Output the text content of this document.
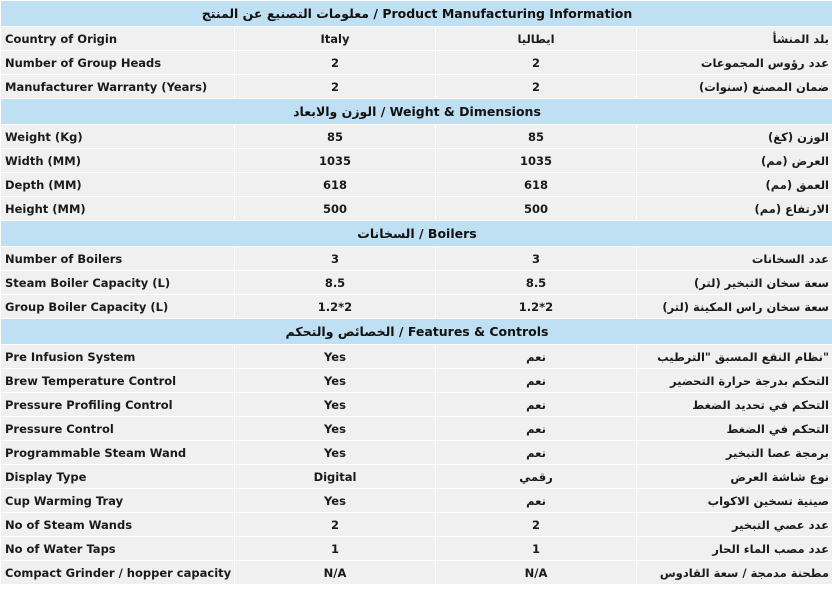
معلومات التصنيع عن المنتج / Product Manufacturing Information			
Country of Origin	Italy	ايطاليا	بلد المنشأ
Number of Group Heads	2	2	عدد رؤوس المجموعات
Manufacturer Warranty (Years)	2	2	ضمان المصنع (سنوات)
الوزن والابعاد / Weight & Dimensions			
Weight (Kg)	85	85	الوزن (كغ)
Width (MM)	1035	1035	العرض (مم)
Depth (MM)	618	618	العمق (مم)
Height (MM)	500	500	الارتفاع (مم)
السخانات / Boilers			
Number of Boilers	3	3	عدد السخانات
Steam Boiler Capacity (L)	8.5	8.5	سعة سخان التبخير (لتر)
Group Boiler Capacity (L)	1.2*2	1.2*2	سعة سخان راس المكينة (لتر)
الخصائص والتحكم / Features & Controls			
Pre Infusion System	Yes	نعم	نظام النقع المسبق "الترطيب"
Brew Temperature Control	Yes	نعم	التحكم بدرجة حرارة التحضير
Pressure Profiling Control	Yes	نعم	التحكم في تحديد الضغط
Pressure Control	Yes	نعم	التحكم في الضغط
Programmable Steam Wand	Yes	نعم	برمجة عصا التبخير
Display Type	Digital	رقمي	نوع شاشة العرض
Cup Warming Tray	Yes	نعم	صينية تسخين الاكواب
No of Steam Wands	2	2	عدد عصي التبخير
No of Water Taps	1	1	عدد مصب الماء الحار
Compact Grinder / hopper capacity	N/A	N/A	مطحنة مدمجة / سعة القادوس
